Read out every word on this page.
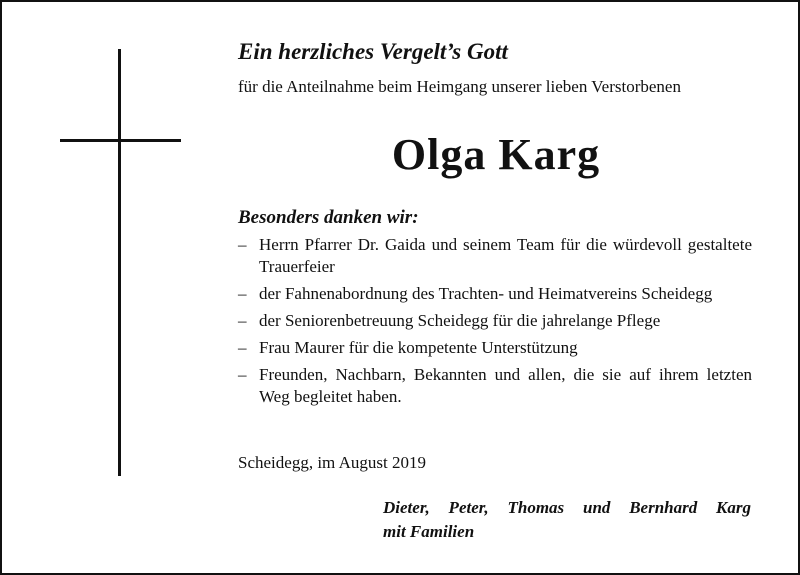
Ein herzliches Vergelt’s Gott
für die Anteilnahme beim Heimgang unserer lieben Verstorbenen
Olga Karg
Besonders danken wir:
– Herrn Pfarrer Dr. Gaida und seinem Team für die würdevoll gestaltete Trauerfeier
– der Fahnenabordnung des Trachten- und Heimatvereins Scheidegg
– der Seniorenbetreuung Scheidegg für die jahrelange Pflege
– Frau Maurer für die kompetente Unterstützung
– Freunden, Nachbarn, Bekannten und allen, die sie auf ihrem letzten Weg begleitet haben.
Scheidegg, im August 2019
Dieter, Peter, Thomas und Bernhard Karg
mit Familien
